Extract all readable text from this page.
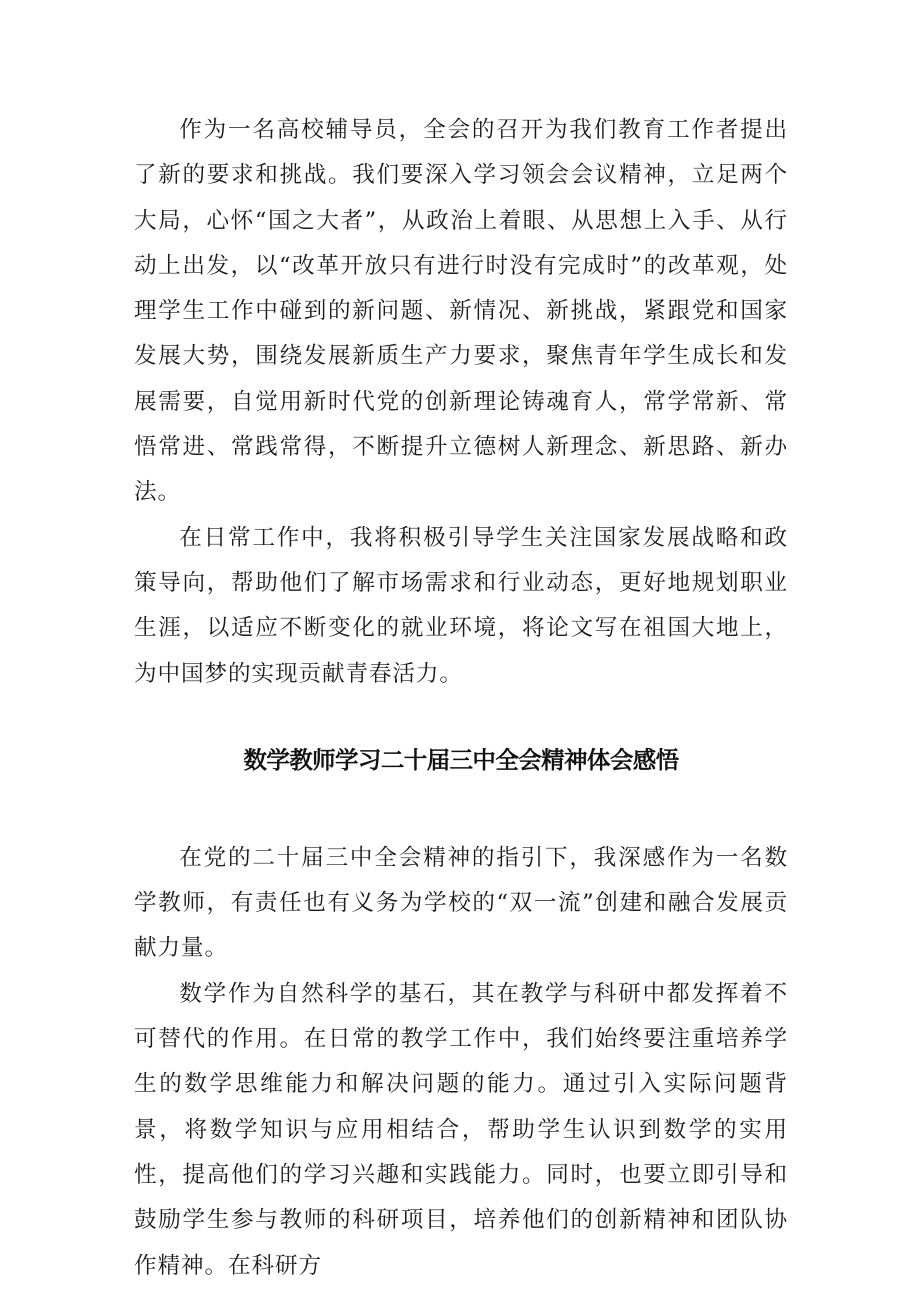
作为一名高校辅导员，全会的召开为我们教育工作者提出了新的要求和挑战。我们要深入学习领会会议精神，立足两个大局，心怀“国之大者”，从政治上着眼、从思想上入手、从行动上出发，以“改革开放只有进行时没有完成时”的改革观，处理学生工作中碰到的新问题、新情况、新挑战，紧跟党和国家发展大势，围绕发展新质生产力要求，聚焦青年学生成长和发展需要，自觉用新时代党的创新理论铸魂育人，常学常新、常悟常进、常践常得，不断提升立德树人新理念、新思路、新办法。

在日常工作中，我将积极引导学生关注国家发展战略和政策导向，帮助他们了解市场需求和行业动态，更好地规划职业生涯，以适应不断变化的就业环境，将论文写在祖国大地上，为中国梦的实现贡献青春活力。

数学教师学习二十届三中全会精神体会感悟

在党的二十届三中全会精神的指引下，我深感作为一名数学教师，有责任也有义务为学校的“双一流”创建和融合发展贡献力量。

数学作为自然科学的基石，其在教学与科研中都发挥着不可替代的作用。在日常的教学工作中，我们始终要注重培养学生的数学思维能力和解决问题的能力。通过引入实际问题背景，将数学知识与应用相结合，帮助学生认识到数学的实用性，提高他们的学习兴趣和实践能力。同时，也要立即引导和鼓励学生参与教师的科研项目，培养他们的创新精神和团队协作精神。在科研方
